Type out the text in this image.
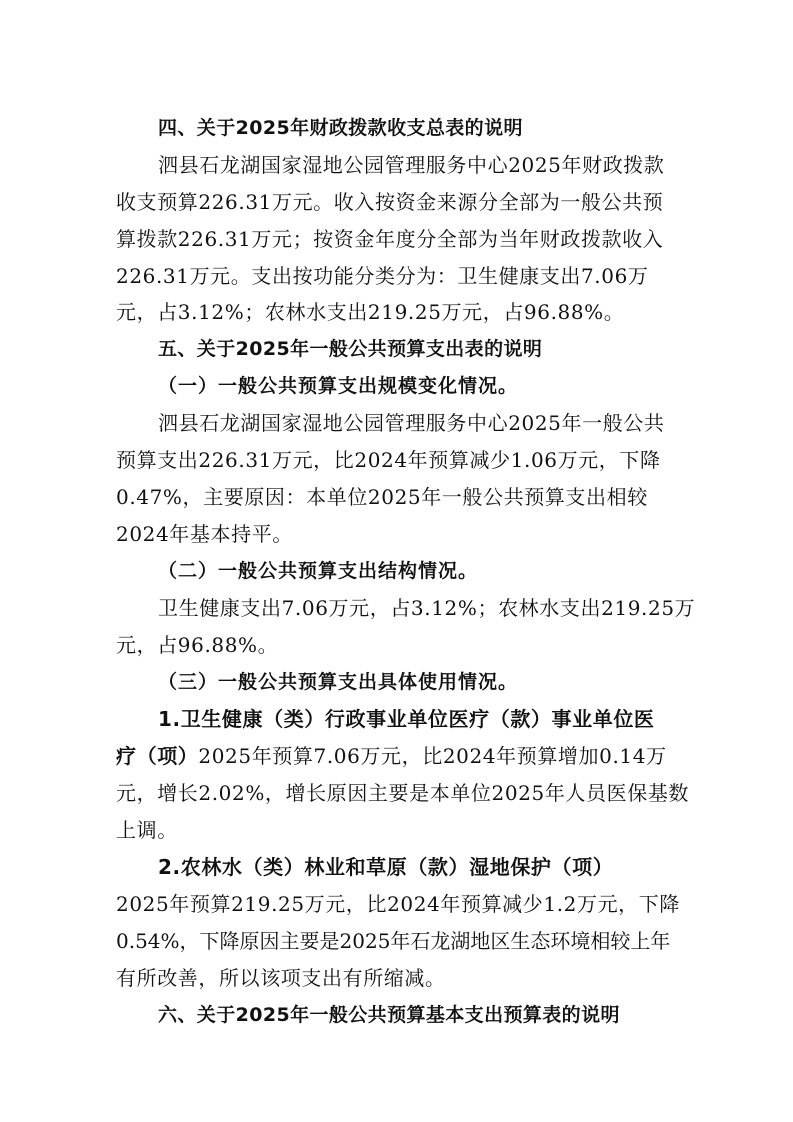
四、关于2025年财政拨款收支总表的说明

泗县石龙湖国家湿地公园管理服务中心2025年财政拨款

收支预算226.31万元。收入按资金来源分全部为一般公共预

算拨款226.31万元；按资金年度分全部为当年财政拨款收入

226.31万元。支出按功能分类分为：卫生健康支出7.06万

元，占3.12%；农林水支出219.25万元，占96.88%。

五、关于2025年一般公共预算支出表的说明

（一）一般公共预算支出规模变化情况。

泗县石龙湖国家湿地公园管理服务中心2025年一般公共

预算支出226.31万元，比2024年预算减少1.06万元，下降

0.47%，主要原因：本单位2025年一般公共预算支出相较

2024年基本持平。

（二）一般公共预算支出结构情况。

卫生健康支出7.06万元，占3.12%；农林水支出219.25万

元，占96.88%。

（三）一般公共预算支出具体使用情况。

1.卫生健康（类）行政事业单位医疗（款）事业单位医

疗（项）2025年预算7.06万元，比2024年预算增加0.14万

元，增长2.02%，增长原因主要是本单位2025年人员医保基数

上调。

2.农林水（类）林业和草原（款）湿地保护（项）

2025年预算219.25万元，比2024年预算减少1.2万元，下降

0.54%，下降原因主要是2025年石龙湖地区生态环境相较上年

有所改善，所以该项支出有所缩减。

六、关于2025年一般公共预算基本支出预算表的说明
